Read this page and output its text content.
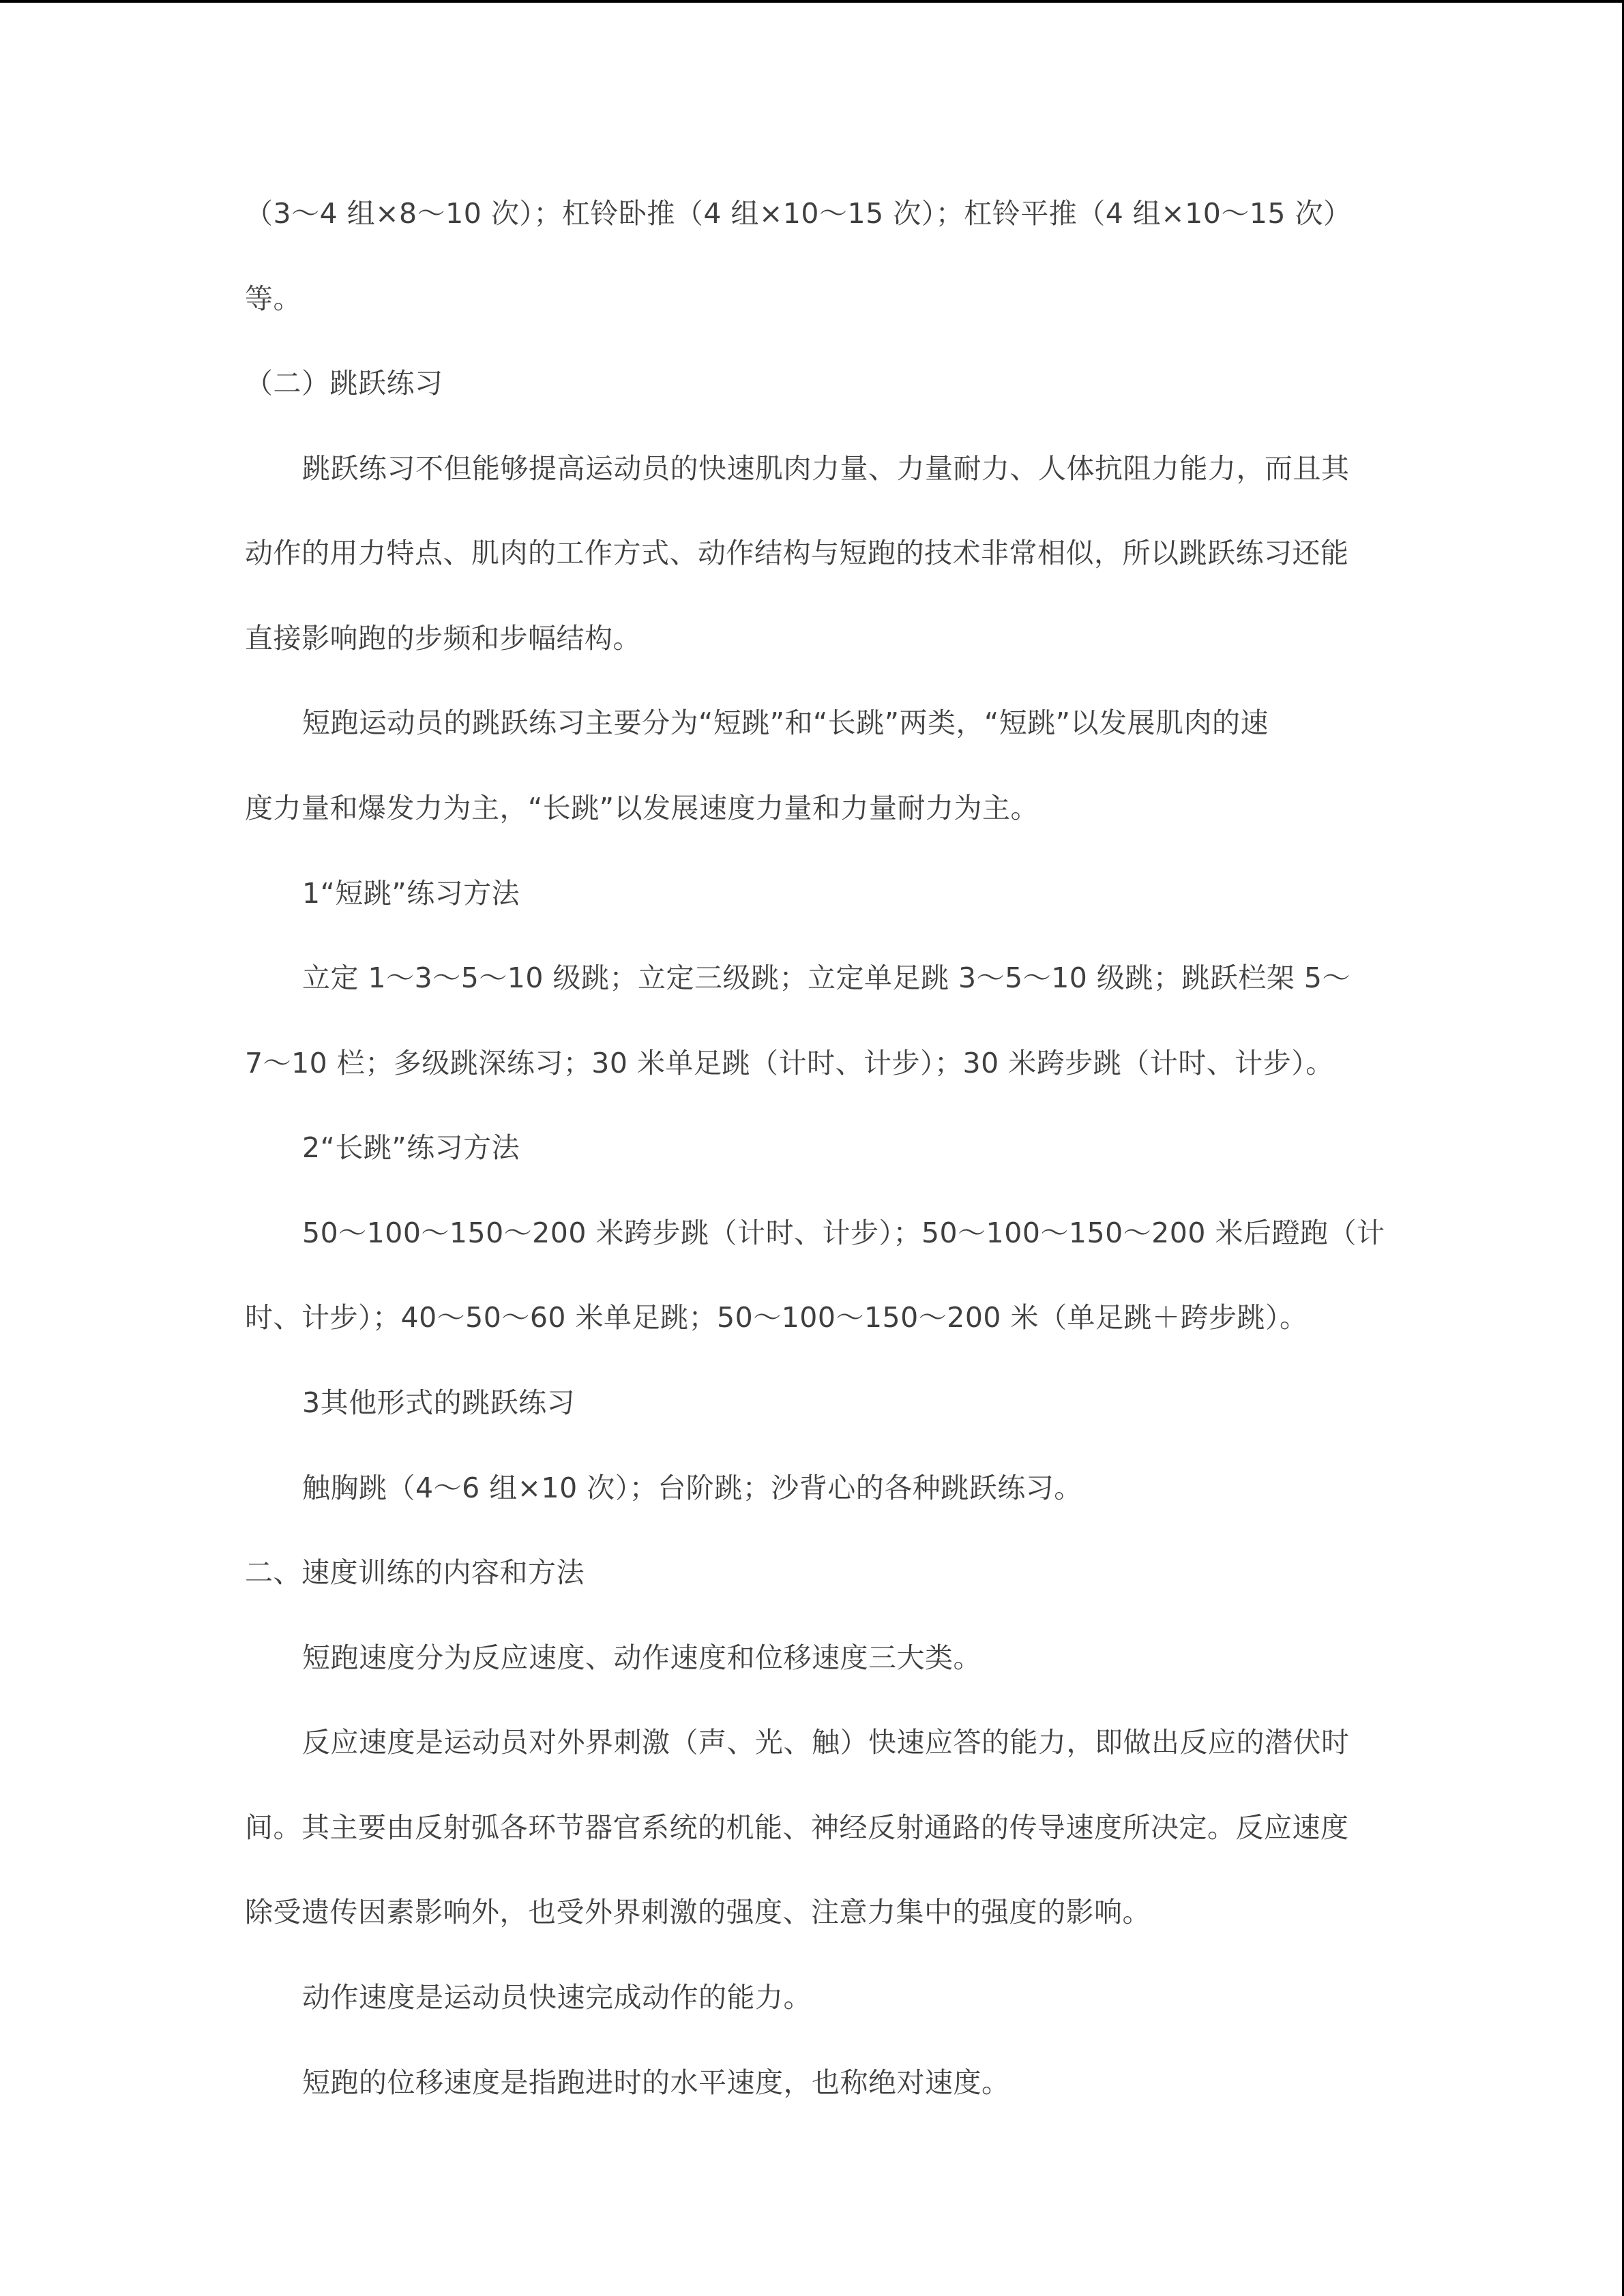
（3～4 组×8～10 次）；杠铃卧推（4 组×10～15 次）；杠铃平推（4 组×10～15 次）
等。
（二）跳跃练习
跳跃练习不但能够提高运动员的快速肌肉力量、力量耐力、人体抗阻力能力，而且其
动作的用力特点、肌肉的工作方式、动作结构与短跑的技术非常相似，所以跳跃练习还能
直接影响跑的步频和步幅结构。
短跑运动员的跳跃练习主要分为“短跳”和“长跳”两类，“短跳”以发展肌肉的速
度力量和爆发力为主，“长跳”以发展速度力量和力量耐力为主。
1“短跳”练习方法
立定 1～3～5～10 级跳；立定三级跳；立定单足跳 3～5～10 级跳；跳跃栏架 5～
7～10 栏；多级跳深练习；30 米单足跳（计时、计步）；30 米跨步跳（计时、计步）。
2“长跳”练习方法
50～100～150～200 米跨步跳（计时、计步）；50～100～150～200 米后蹬跑（计
时、计步）；40～50～60 米单足跳；50～100～150～200 米（单足跳＋跨步跳）。
3其他形式的跳跃练习
触胸跳（4～6 组×10 次）；台阶跳；沙背心的各种跳跃练习。
二、速度训练的内容和方法
短跑速度分为反应速度、动作速度和位移速度三大类。
反应速度是运动员对外界刺激（声、光、触）快速应答的能力，即做出反应的潜伏时
间。其主要由反射弧各环节器官系统的机能、神经反射通路的传导速度所决定。反应速度
除受遗传因素影响外，也受外界刺激的强度、注意力集中的强度的影响。
动作速度是运动员快速完成动作的能力。
短跑的位移速度是指跑进时的水平速度，也称绝对速度。
